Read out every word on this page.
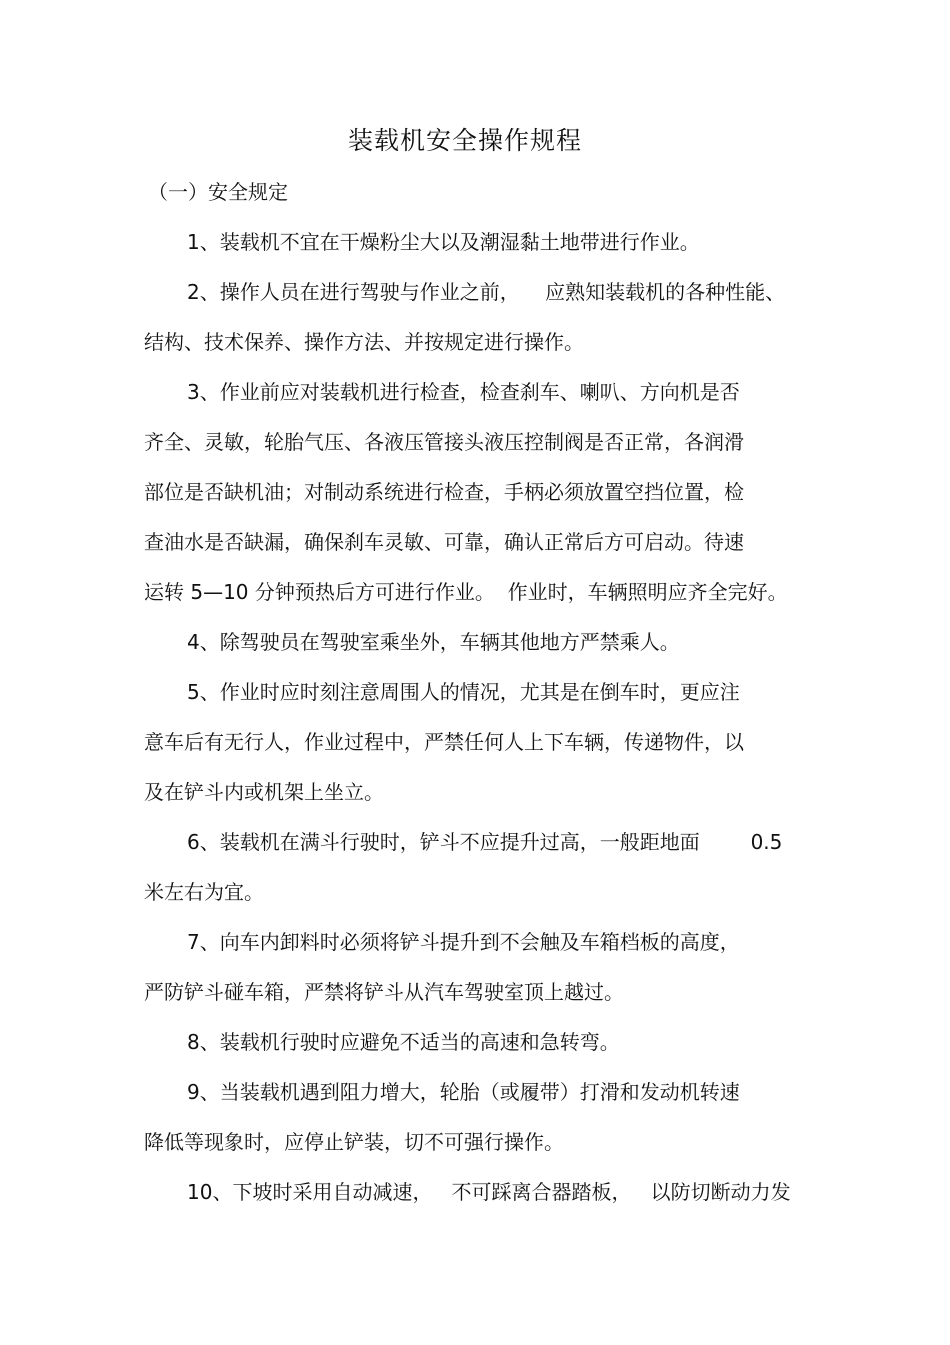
装载机安全操作规程

（一）安全规定

1、装载机不宜在干燥粉尘大以及潮湿黏土地带进行作业。

2、操作人员在进行驾驶与作业之前，    应熟知装载机的各种性能、

结构、技术保养、操作方法、并按规定进行操作。

3、作业前应对装载机进行检查，检查刹车、喇叭、方向机是否

齐全、灵敏，轮胎气压、各液压管接头液压控制阀是否正常，各润滑

部位是否缺机油；对制动系统进行检查，手柄必须放置空挡位置，检

查油水是否缺漏，确保刹车灵敏、可靠，确认正常后方可启动。待速

运转 5—10 分钟预热后方可进行作业。  作业时，车辆照明应齐全完好。

4、除驾驶员在驾驶室乘坐外，车辆其他地方严禁乘人。

5、作业时应时刻注意周围人的情况，尤其是在倒车时，更应注

意车后有无行人，作业过程中，严禁任何人上下车辆，传递物件，以

及在铲斗内或机架上坐立。

6、装载机在满斗行驶时，铲斗不应提升过高，一般距地面        0.5

米左右为宜。

7、向车内卸料时必须将铲斗提升到不会触及车箱档板的高度，

严防铲斗碰车箱，严禁将铲斗从汽车驾驶室顶上越过。

8、装载机行驶时应避免不适当的高速和急转弯。

9、当装载机遇到阻力增大，轮胎（或履带）打滑和发动机转速

降低等现象时，应停止铲装，切不可强行操作。

10、下坡时采用自动减速，   不可踩离合器踏板，   以防切断动力发
